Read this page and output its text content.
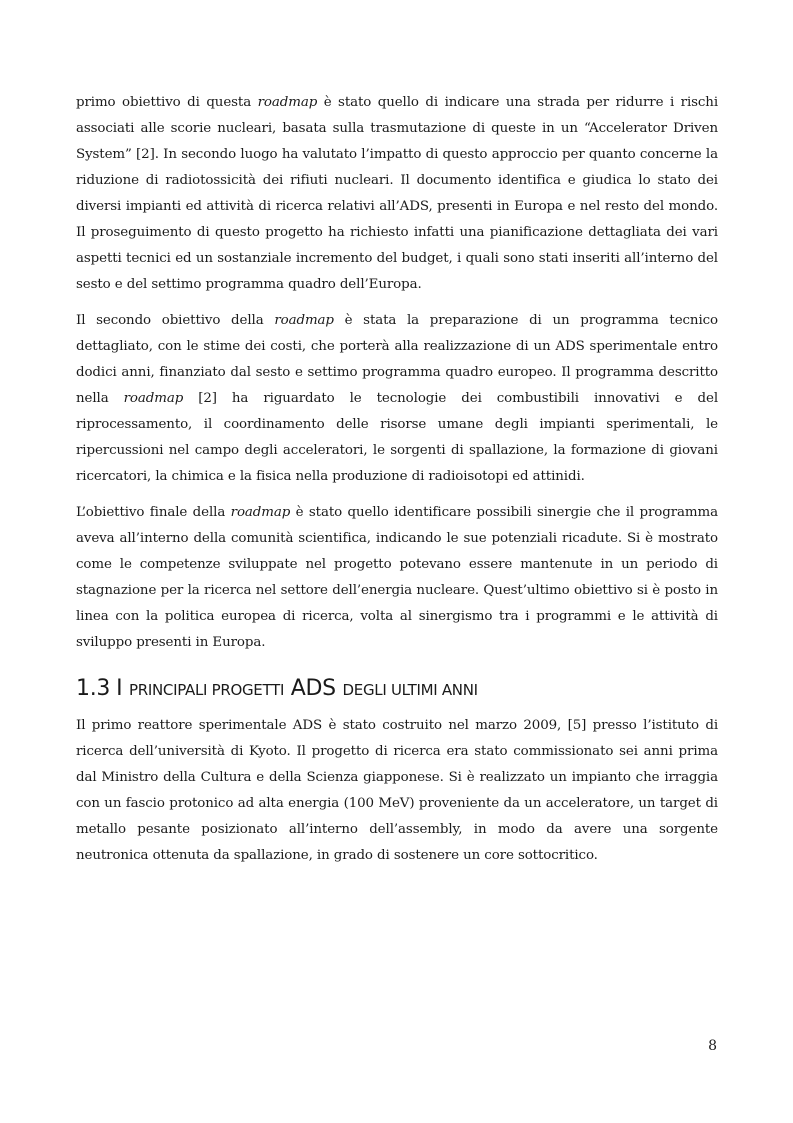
primo obiettivo di questa roadmap è stato quello di indicare una strada per ridurre i rischi associati alle scorie nucleari, basata sulla trasmutazione di queste in un “Accelerator Driven System” [2]. In secondo luogo ha valutato l’impatto di questo approccio per quanto concerne la riduzione di radiotossicità dei rifiuti nucleari. Il documento identifica e giudica lo stato dei diversi impianti ed attività di ricerca relativi all’ADS, presenti in Europa e nel resto del mondo. Il proseguimento di questo progetto ha richiesto infatti una pianificazione dettagliata dei vari aspetti tecnici ed un sostanziale incremento del budget, i quali sono stati inseriti all’interno del sesto e del settimo programma quadro dell’Europa.

Il secondo obiettivo della roadmap è stata la preparazione di un programma tecnico dettagliato, con le stime dei costi, che porterà alla realizzazione di un ADS sperimentale entro dodici anni, finanziato dal sesto e settimo programma quadro europeo. Il programma descritto nella roadmap [2] ha riguardato le tecnologie dei combustibili innovativi e del riprocessamento, il coordinamento delle risorse umane degli impianti sperimentali, le ripercussioni nel campo degli acceleratori, le sorgenti di spallazione, la formazione di giovani ricercatori, la chimica e la fisica nella produzione di radioisotopi ed attinidi.

L’obiettivo finale della roadmap è stato quello identificare possibili sinergie che il programma aveva all’interno della comunità scientifica, indicando le sue potenziali ricadute. Si è mostrato come le competenze sviluppate nel progetto potevano essere mantenute in un periodo di stagnazione per la ricerca nel settore dell’energia nucleare. Quest’ultimo obiettivo si è posto in linea con la politica europea di ricerca, volta al sinergismo tra i programmi e le attività di sviluppo presenti in Europa.

1.3 I PRINCIPALI PROGETTI ADS DEGLI ULTIMI ANNI

Il primo reattore sperimentale ADS è stato costruito nel marzo 2009, [5] presso l’istituto di ricerca dell’università di Kyoto. Il progetto di ricerca era stato commissionato sei anni prima dal Ministro della Cultura e della Scienza giapponese. Si è realizzato un impianto che irraggia con un fascio protonico ad alta energia (100 MeV) proveniente da un acceleratore, un target di metallo pesante posizionato all’interno dell’assembly, in modo da avere una sorgente neutronica ottenuta da spallazione, in grado di sostenere un core sottocritico.

8
